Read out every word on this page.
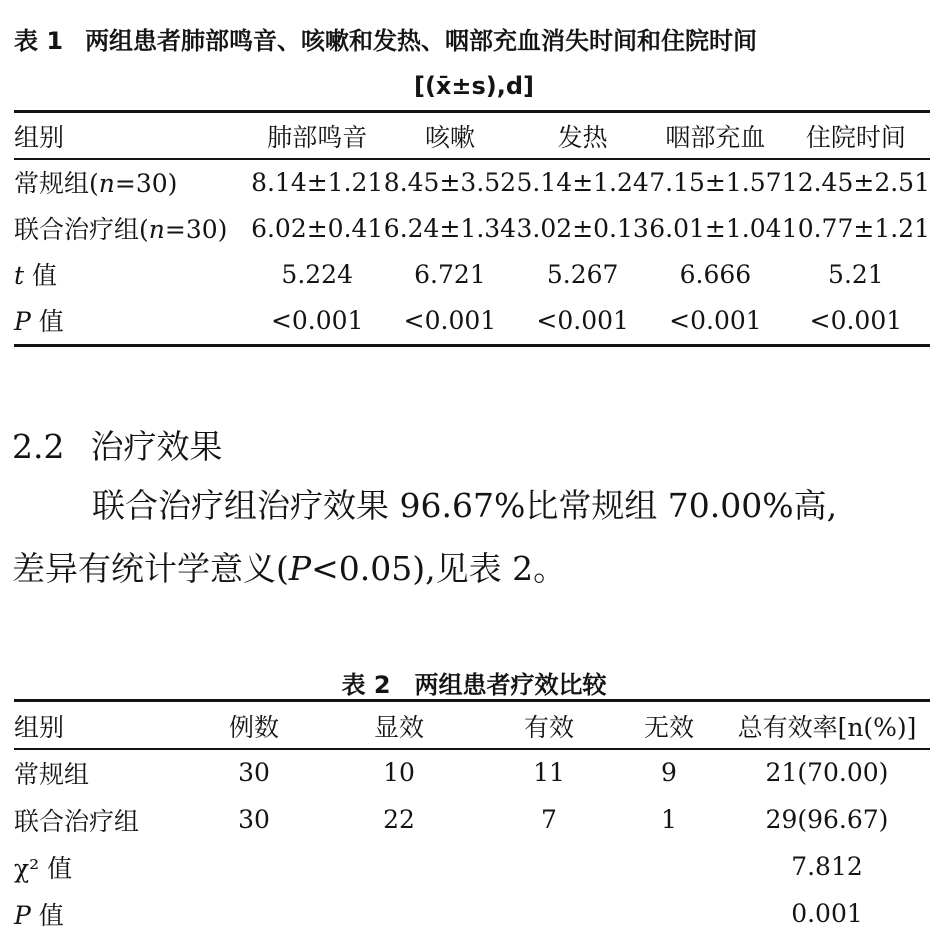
表 1 两组患者肺部鸣音、咳嗽和发热、咽部充血消失时间和住院时间
[(x̄±s),d]
组别	肺部鸣音	咳嗽	发热	咽部充血	住院时间
常规组(n=30)	8.14±1.21	8.45±3.52	5.14±1.24	7.15±1.57	12.45±2.51
联合治疗组(n=30)	6.02±0.41	6.24±1.34	3.02±0.13	6.01±1.04	10.77±1.21
t 值	5.224	6.721	5.267	6.666	5.21
P 值	<0.001	<0.001	<0.001	<0.001	<0.001
2.2 治疗效果
联合治疗组治疗效果 96.67%比常规组 70.00%高,
差异有统计学意义(P<0.05),见表 2。
表 2 两组患者疗效比较
组别	例数	显效	有效	无效	总有效率[n(%)]
常规组	30	10	11	9	21(70.00)
联合治疗组	30	22	7	1	29(96.67)
χ² 值					7.812
P 值					0.001
